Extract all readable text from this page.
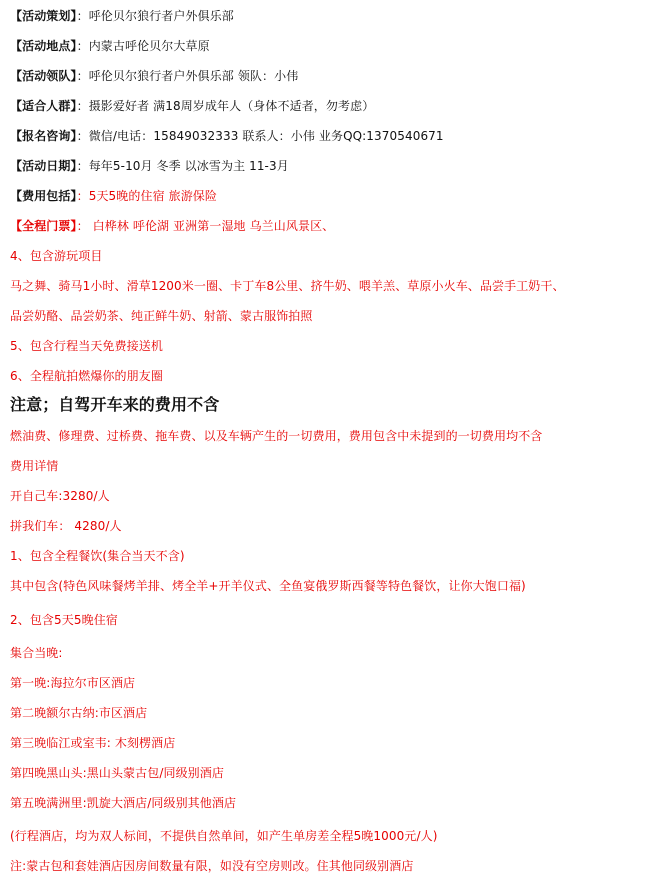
【活动策划】：呼伦贝尔狼行者户外俱乐部
【活动地点】：内蒙古呼伦贝尔大草原
【活动领队】：呼伦贝尔狼行者户外俱乐部 领队：小伟
【适合人群】：摄影爱好者 满18周岁成年人（身体不适者，勿考虑）
【报名咨询】：微信/电话：15849032333 联系人：小伟 业务QQ:1370540671
【活动日期】：每年5-10月 冬季 以冰雪为主 11-3月
【费用包括】：5天5晚的住宿 旅游保险
【全程门票】： 白桦林 呼伦湖 亚洲第一湿地 乌兰山风景区、
4、包含游玩项目
马之舞、骑马1小时、滑草1200米一圈、卡丁车8公里、挤牛奶、喂羊羔、草原小火车、品尝手工奶干、
品尝奶酪、品尝奶茶、纯正鲜牛奶、射箭、蒙古服饰拍照
5、包含行程当天免费接送机
6、全程航拍燃爆你的朋友圈
注意；自驾开车来的费用不含
燃油费、修理费、过桥费、拖车费、以及车辆产生的一切费用，费用包含中未提到的一切费用均不含
费用详情
开自己车:3280/人
拼我们车： 4280/人
1、包含全程餐饮(集合当天不含)
其中包含(特色风味餐烤羊排、烤全羊+开羊仪式、全鱼宴俄罗斯西餐等特色餐饮，让你大饱口福)
2、包含5天5晚住宿
集合当晚:
第一晚:海拉尔市区酒店
第二晚额尔古纳:市区酒店
第三晚临江或室韦: 木刻楞酒店
第四晚黑山头:黑山头蒙古包/同级别酒店
第五晚满洲里:凯旋大酒店/同级别其他酒店
(行程酒店，均为双人标间，不提供自然单间，如产生单房差全程5晚1000元/人)
注:蒙古包和套娃酒店因房间数量有限，如没有空房则改。住其他同级别酒店
